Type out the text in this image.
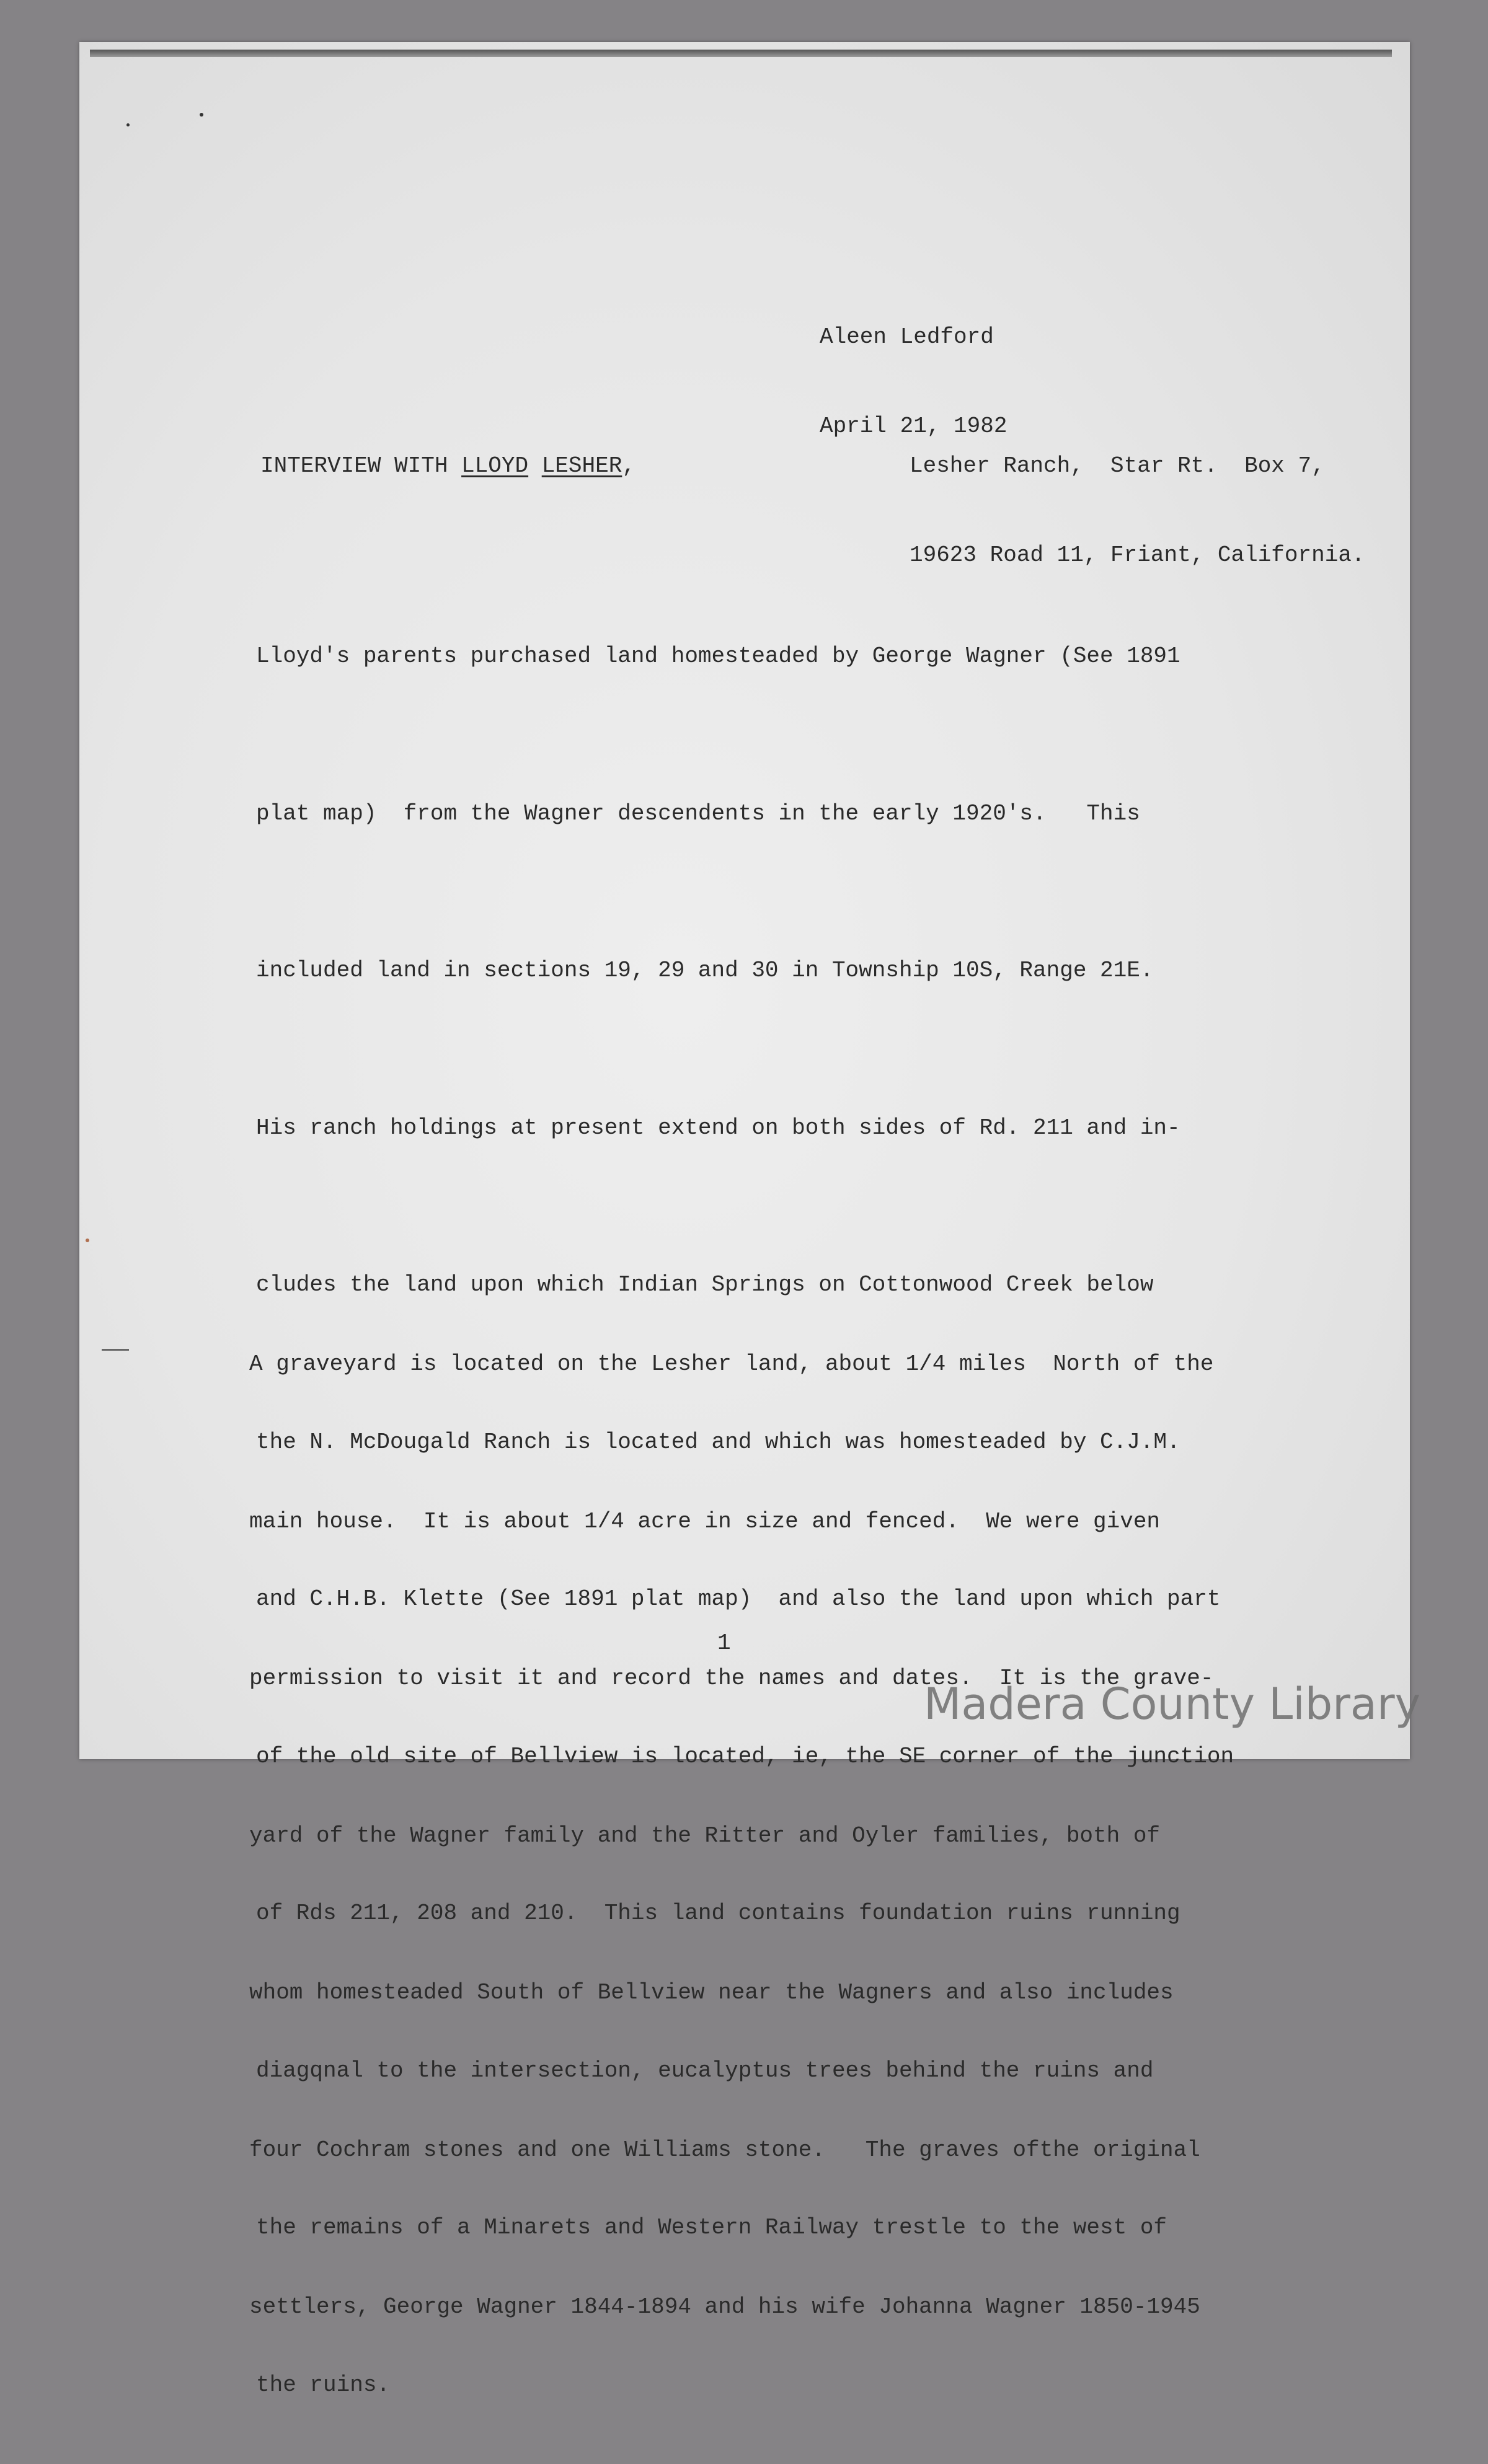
Aleen Ledford

April 21, 1982

INTERVIEW WITH LLOYD LESHER,

	Lesher Ranch,  Star Rt.  Box 7,

19623 Road 11, Friant, California.

Lloyd's parents purchased land homesteaded by George Wagner (See 1891

plat map)  from the Wagner descendents in the early 1920's.   This

included land in sections 19, 29 and 30 in Township 10S, Range 21E.

His ranch holdings at present extend on both sides of Rd. 211 and in-

cludes the land upon which Indian Springs on Cottonwood Creek below

the N. McDougald Ranch is located and which was homesteaded by C.J.M.

and C.H.B. Klette (See 1891 plat map)  and also the land upon which part

of the old site of Bellview is located, ie, the SE corner of the junction

of Rds 211, 208 and 210.  This land contains foundation ruins running

diagqnal to the intersection, eucalyptus trees behind the ruins and

the remains of a Minarets and Western Railway trestle to the west of

the ruins.

A graveyard is located on the Lesher land, about 1/4 miles  North of the

main house.  It is about 1/4 acre in size and fenced.  We were given

permission to visit it and record the names and dates.  It is the grave-

yard of the Wagner family and the Ritter and Oyler families, both of

whom homesteaded South of Bellview near the Wagners and also includes

four Cochram stones and one Williams stone.   The graves ofthe original

settlers, George Wagner 1844-1894 and his wife Johanna Wagner 1850-1945

1
Madera County Library
